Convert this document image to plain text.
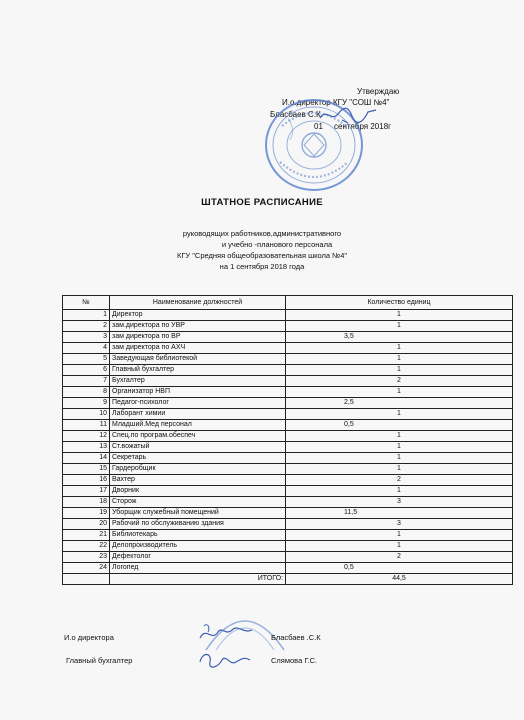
Утверждаю
И.о.директор КГУ "СОШ №4"
Бласбаев С.К.
01 сентября 2018г
ШТАТНОЕ РАСПИСАНИЕ
руководящих работников,административного
и учебно -планового персонала
КГУ "Средняя общеобразовательная школа №4"
на 1 сентября 2018 года
№	Наименование должностей	Количество единиц
1	Директор	1
2	зам.директора по УВР	1
3	зам директора по ВР	3,5
4	зам директора по АХЧ	1
5	Заведующая библиотекой	1
6	Главный бухгалтер	1
7	Бухгалтер	2
8	Организатор НВП	1
9	Педагог-психолог	2,5
10	Лаборант химии	1
11	Младший.Мед персонал	0,5
12	Спец.по програм.обеспеч	1
13	Ст.вожатый	1
14	Секретарь	1
15	Гардеробщик	1
16	Вахтер	2
17	Дворник	1
18	Сторож	3
19	Уборщик служебный помещений	11,5
20	Рабочий по обслуживанию здания	3
21	Библиотекарь	1
22	Делопроизводитель	1
23	Дефектолог	2
24	Логопед	0,5
	ИТОГО:	44,5
И.о директора	Бласбаев .С.К
Главный бухгалтер	Слямова Г.С.
